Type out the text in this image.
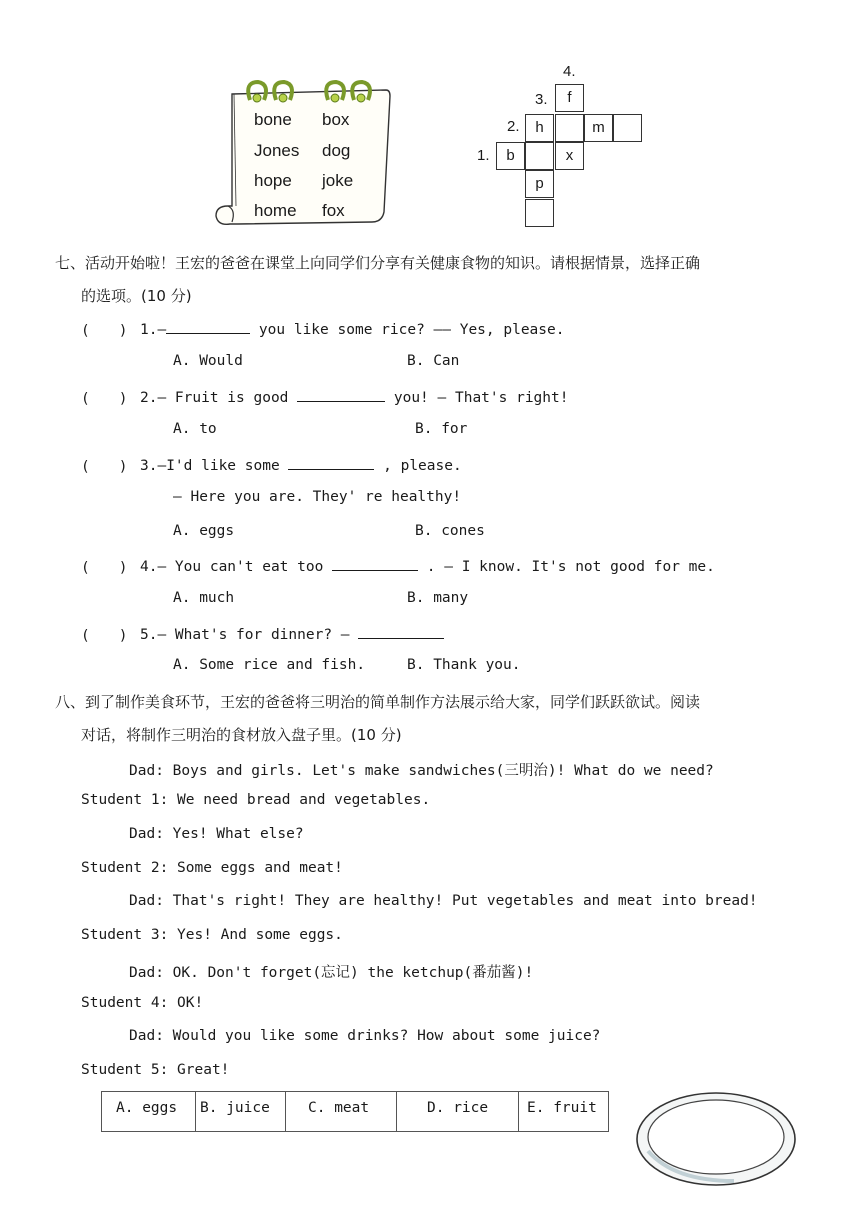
bone box
Jones dog
hope joke
home fox
4.
3.
2.
1.
f
h	m
b	x
p
七、活动开始啦！王宏的爸爸在课堂上向同学们分享有关健康食物的知识。请根据情景，选择正确
的选项。(10 分)
(　　) 1.—	you like some rice? —— Yes, please.
A. Would	B. Can
(　　) 2.— Fruit is good	you! — That's right!
A. to	B. for
(　　) 3.—I'd like some	, please.
— Here you are. They' re healthy!
A. eggs	B. cones
(　　) 4.— You can't eat too	. — I know. It's not good for me.
A. much	B. many
(　　) 5.— What's for dinner? —
A. Some rice and fish.	B. Thank you.
八、到了制作美食环节，王宏的爸爸将三明治的简单制作方法展示给大家，同学们跃跃欲试。阅读
对话，将制作三明治的食材放入盘子里。(10 分)
Dad: Boys and girls. Let's make sandwiches(三明治)! What do we need?
Student 1: We need bread and vegetables.
Dad: Yes! What else?
Student 2: Some eggs and meat!
Dad: That's right! They are healthy! Put vegetables and meat into bread!
Student 3: Yes! And some eggs.
Dad: OK. Don't forget(忘记) the ketchup(番茄酱)!
Student 4: OK!
Dad: Would you like some drinks? How about some juice?
Student 5: Great!
A. eggs	B. juice	C. meat	D. rice	E. fruit
